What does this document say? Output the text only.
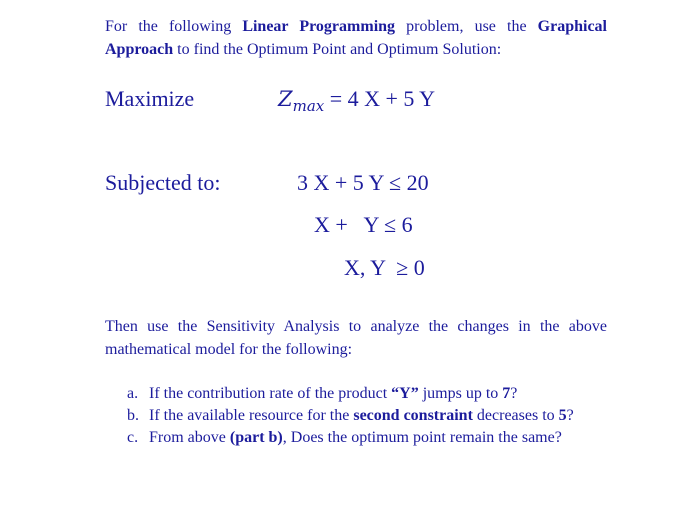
For the following Linear Programming problem, use the Graphical Approach to find the Optimum Point and Optimum Solution:
Maximize	$Z_{max} = 4$ X + 5 Y
Subjected to:	3 X + 5 Y ≤ 20
X +   Y ≤ 6
X, Y  ≥ 0
Then use the Sensitivity Analysis to analyze the changes in the above mathematical model for the following:
a. If the contribution rate of the product “Y” jumps up to 7?
b. If the available resource for the second constraint decreases to 5?
c. From above (part b), Does the optimum point remain the same?
